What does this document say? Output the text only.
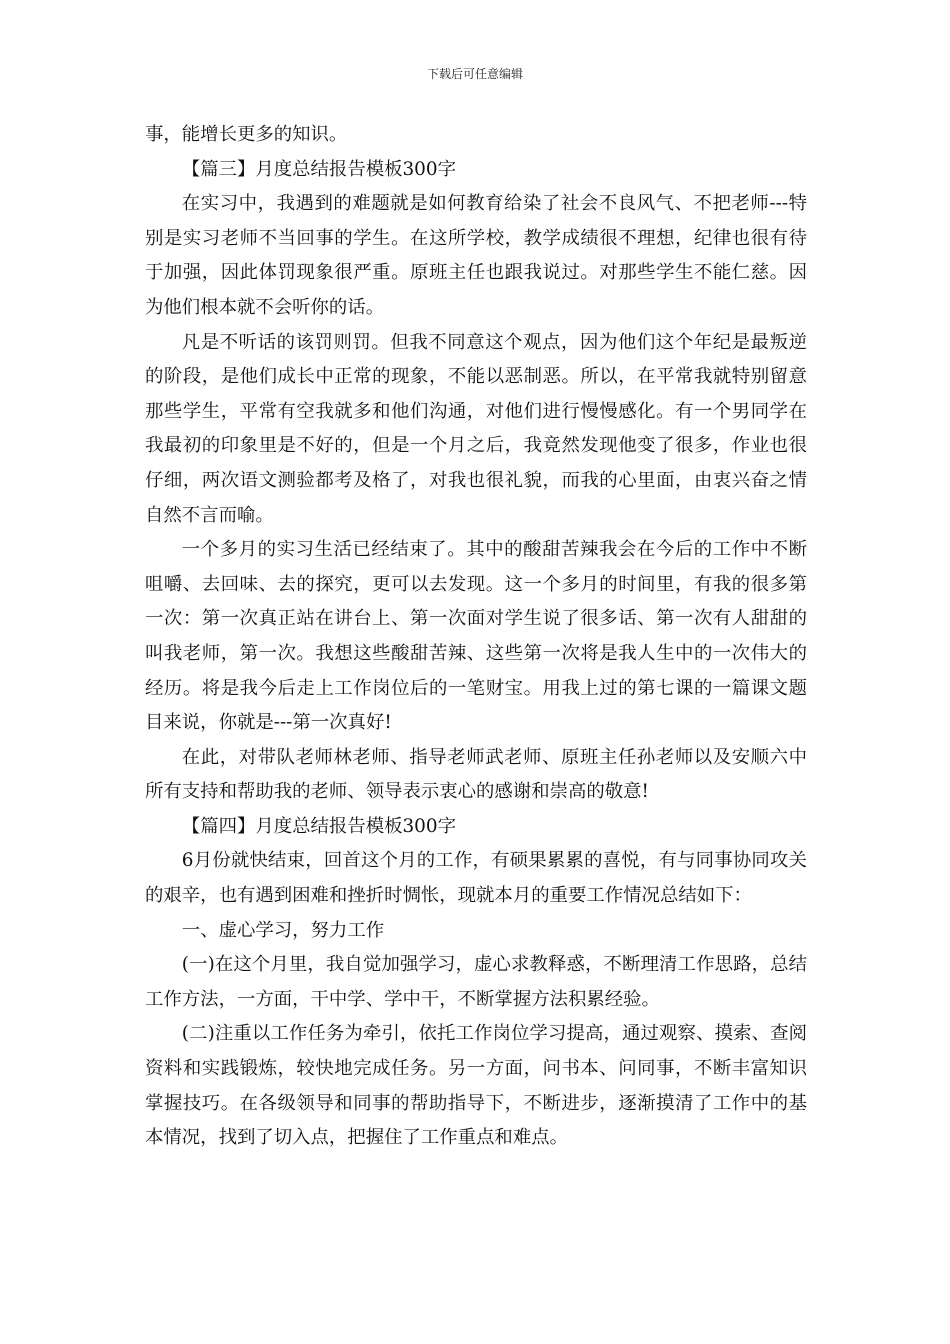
下载后可任意编辑

事，能增长更多的知识。

【篇三】月度总结报告模板300字

在实习中，我遇到的难题就是如何教育给染了社会不良风气、不把老师---特别是实习老师不当回事的学生。在这所学校，教学成绩很不理想，纪律也很有待于加强，因此体罚现象很严重。原班主任也跟我说过。对那些学生不能仁慈。因为他们根本就不会听你的话。

凡是不听话的该罚则罚。但我不同意这个观点，因为他们这个年纪是最叛逆的阶段，是他们成长中正常的现象，不能以恶制恶。所以，在平常我就特别留意那些学生，平常有空我就多和他们沟通，对他们进行慢慢感化。有一个男同学在我最初的印象里是不好的，但是一个月之后，我竟然发现他变了很多，作业也很仔细，两次语文测验都考及格了，对我也很礼貌，而我的心里面，由衷兴奋之情自然不言而喻。

一个多月的实习生活已经结束了。其中的酸甜苦辣我会在今后的工作中不断咀嚼、去回味、去的探究，更可以去发现。这一个多月的时间里，有我的很多第一次：第一次真正站在讲台上、第一次面对学生说了很多话、第一次有人甜甜的叫我老师，第一次。我想这些酸甜苦辣、这些第一次将是我人生中的一次伟大的经历。将是我今后走上工作岗位后的一笔财宝。用我上过的第七课的一篇课文题目来说，你就是---第一次真好!

在此，对带队老师林老师、指导老师武老师、原班主任孙老师以及安顺六中所有支持和帮助我的老师、领导表示衷心的感谢和崇高的敬意!

【篇四】月度总结报告模板300字

6月份就快结束，回首这个月的工作，有硕果累累的喜悦，有与同事协同攻关的艰辛，也有遇到困难和挫折时惆怅，现就本月的重要工作情况总结如下：

一、虚心学习，努力工作

(一)在这个月里，我自觉加强学习，虚心求教释惑，不断理清工作思路，总结工作方法，一方面，干中学、学中干，不断掌握方法积累经验。

(二)注重以工作任务为牵引，依托工作岗位学习提高，通过观察、摸索、查阅资料和实践锻炼，较快地完成任务。另一方面，问书本、问同事，不断丰富知识掌握技巧。在各级领导和同事的帮助指导下，不断进步，逐渐摸清了工作中的基本情况，找到了切入点，把握住了工作重点和难点。
